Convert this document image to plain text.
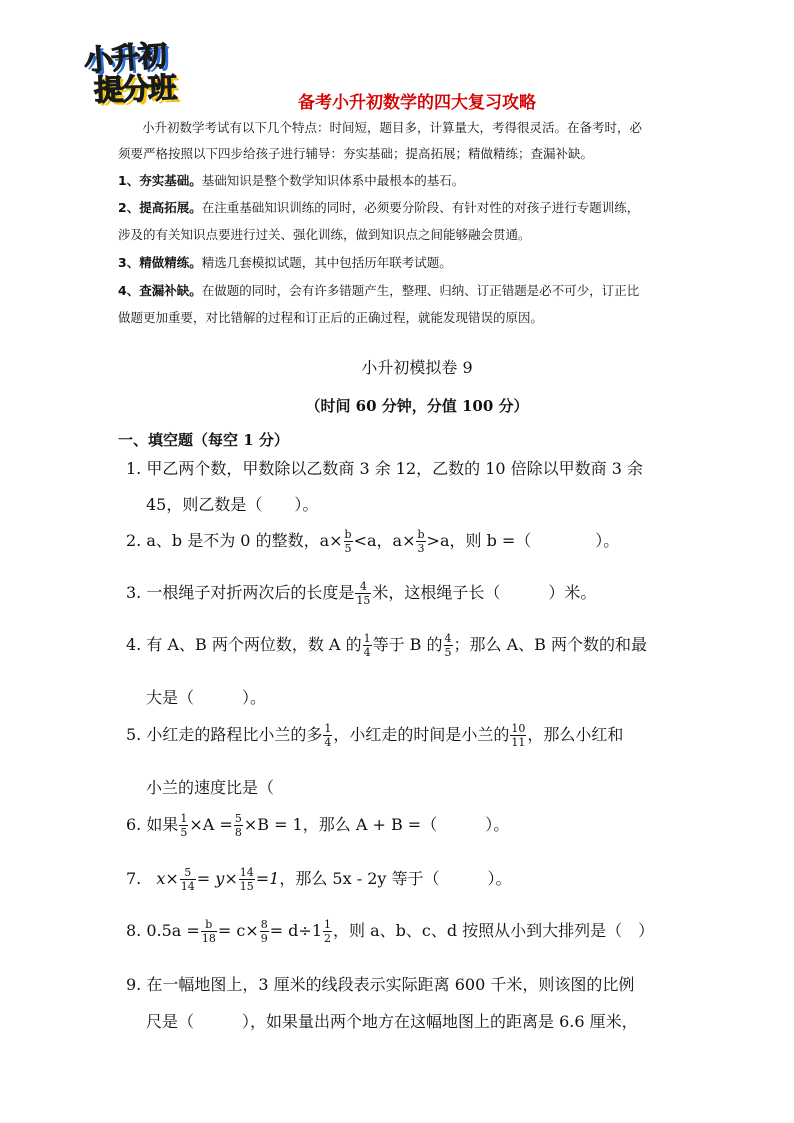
小升初
提分班	备考小升初数学的四大复习攻略

小升初数学考试有以下几个特点：时间短，题目多，计算量大，考得很灵活。在备考时，必

须要严格按照以下四步给孩子进行辅导：夯实基础；提高拓展；精做精练；查漏补缺。

1、夯实基础。基础知识是整个数学知识体系中最根本的基石。

2、提高拓展。在注重基础知识训练的同时，必须要分阶段、有针对性的对孩子进行专题训练，

涉及的有关知识点要进行过关、强化训练，做到知识点之间能够融会贯通。

3、精做精练。精选几套模拟试题，其中包括历年联考试题。

4、查漏补缺。在做题的同时，会有许多错题产生，整理、归纳、订正错题是必不可少，订正比

做题更加重要，对比错解的过程和订正后的正确过程，就能发现错误的原因。

小升初模拟卷 9
（时间 60 分钟，分值 100 分）
一、填空题（每空 1 分）
1. 甲乙两个数，甲数除以乙数商 3 余 12，乙数的 10 倍除以甲数商 3 余
45，则乙数是（　　）。
2. a、b 是不为 0 的整数，$a\times \frac{b}{5} <a$，$a\times \frac{b}{3} >a$，则 b =（　　　　）。
3. 一根绳子对折两次后的长度是 $\frac{4}{15}$ 米，这根绳子长（　　　）米。
4. 有 A、B 两个两位数，数 A 的 $\frac{1}{4}$ 等于 B 的 $\frac{4}{5}$ ；那么 A、B 两个数的和最
大是（　　　）。
5. 小红走的路程比小兰的多 $\frac{1}{4}$ ，小红走的时间是小兰的 $\frac{10}{11}$ ，那么小红和
小兰的速度比是（
6. 如果 $\frac{1}{5} \times A = \frac{5}{8} \times B = 1$，那么 A + B =（　　　）。
7. $x\times \frac{5}{14} = y\times \frac{14}{15} =1$，那么 5x - 2y 等于（　　　）。
8. $0.5a = \frac{b}{18} = c\times \frac{8}{9} = d\div 1 \frac{1}{2}$ ，则 a、b、c、d 按照从小到大排列是（　）
9. 在一幅地图上，3 厘米的线段表示实际距离 600 千米，则该图的比例
尺是（　　　），如果量出两个地方在这幅地图上的距离是 6.6 厘米，
